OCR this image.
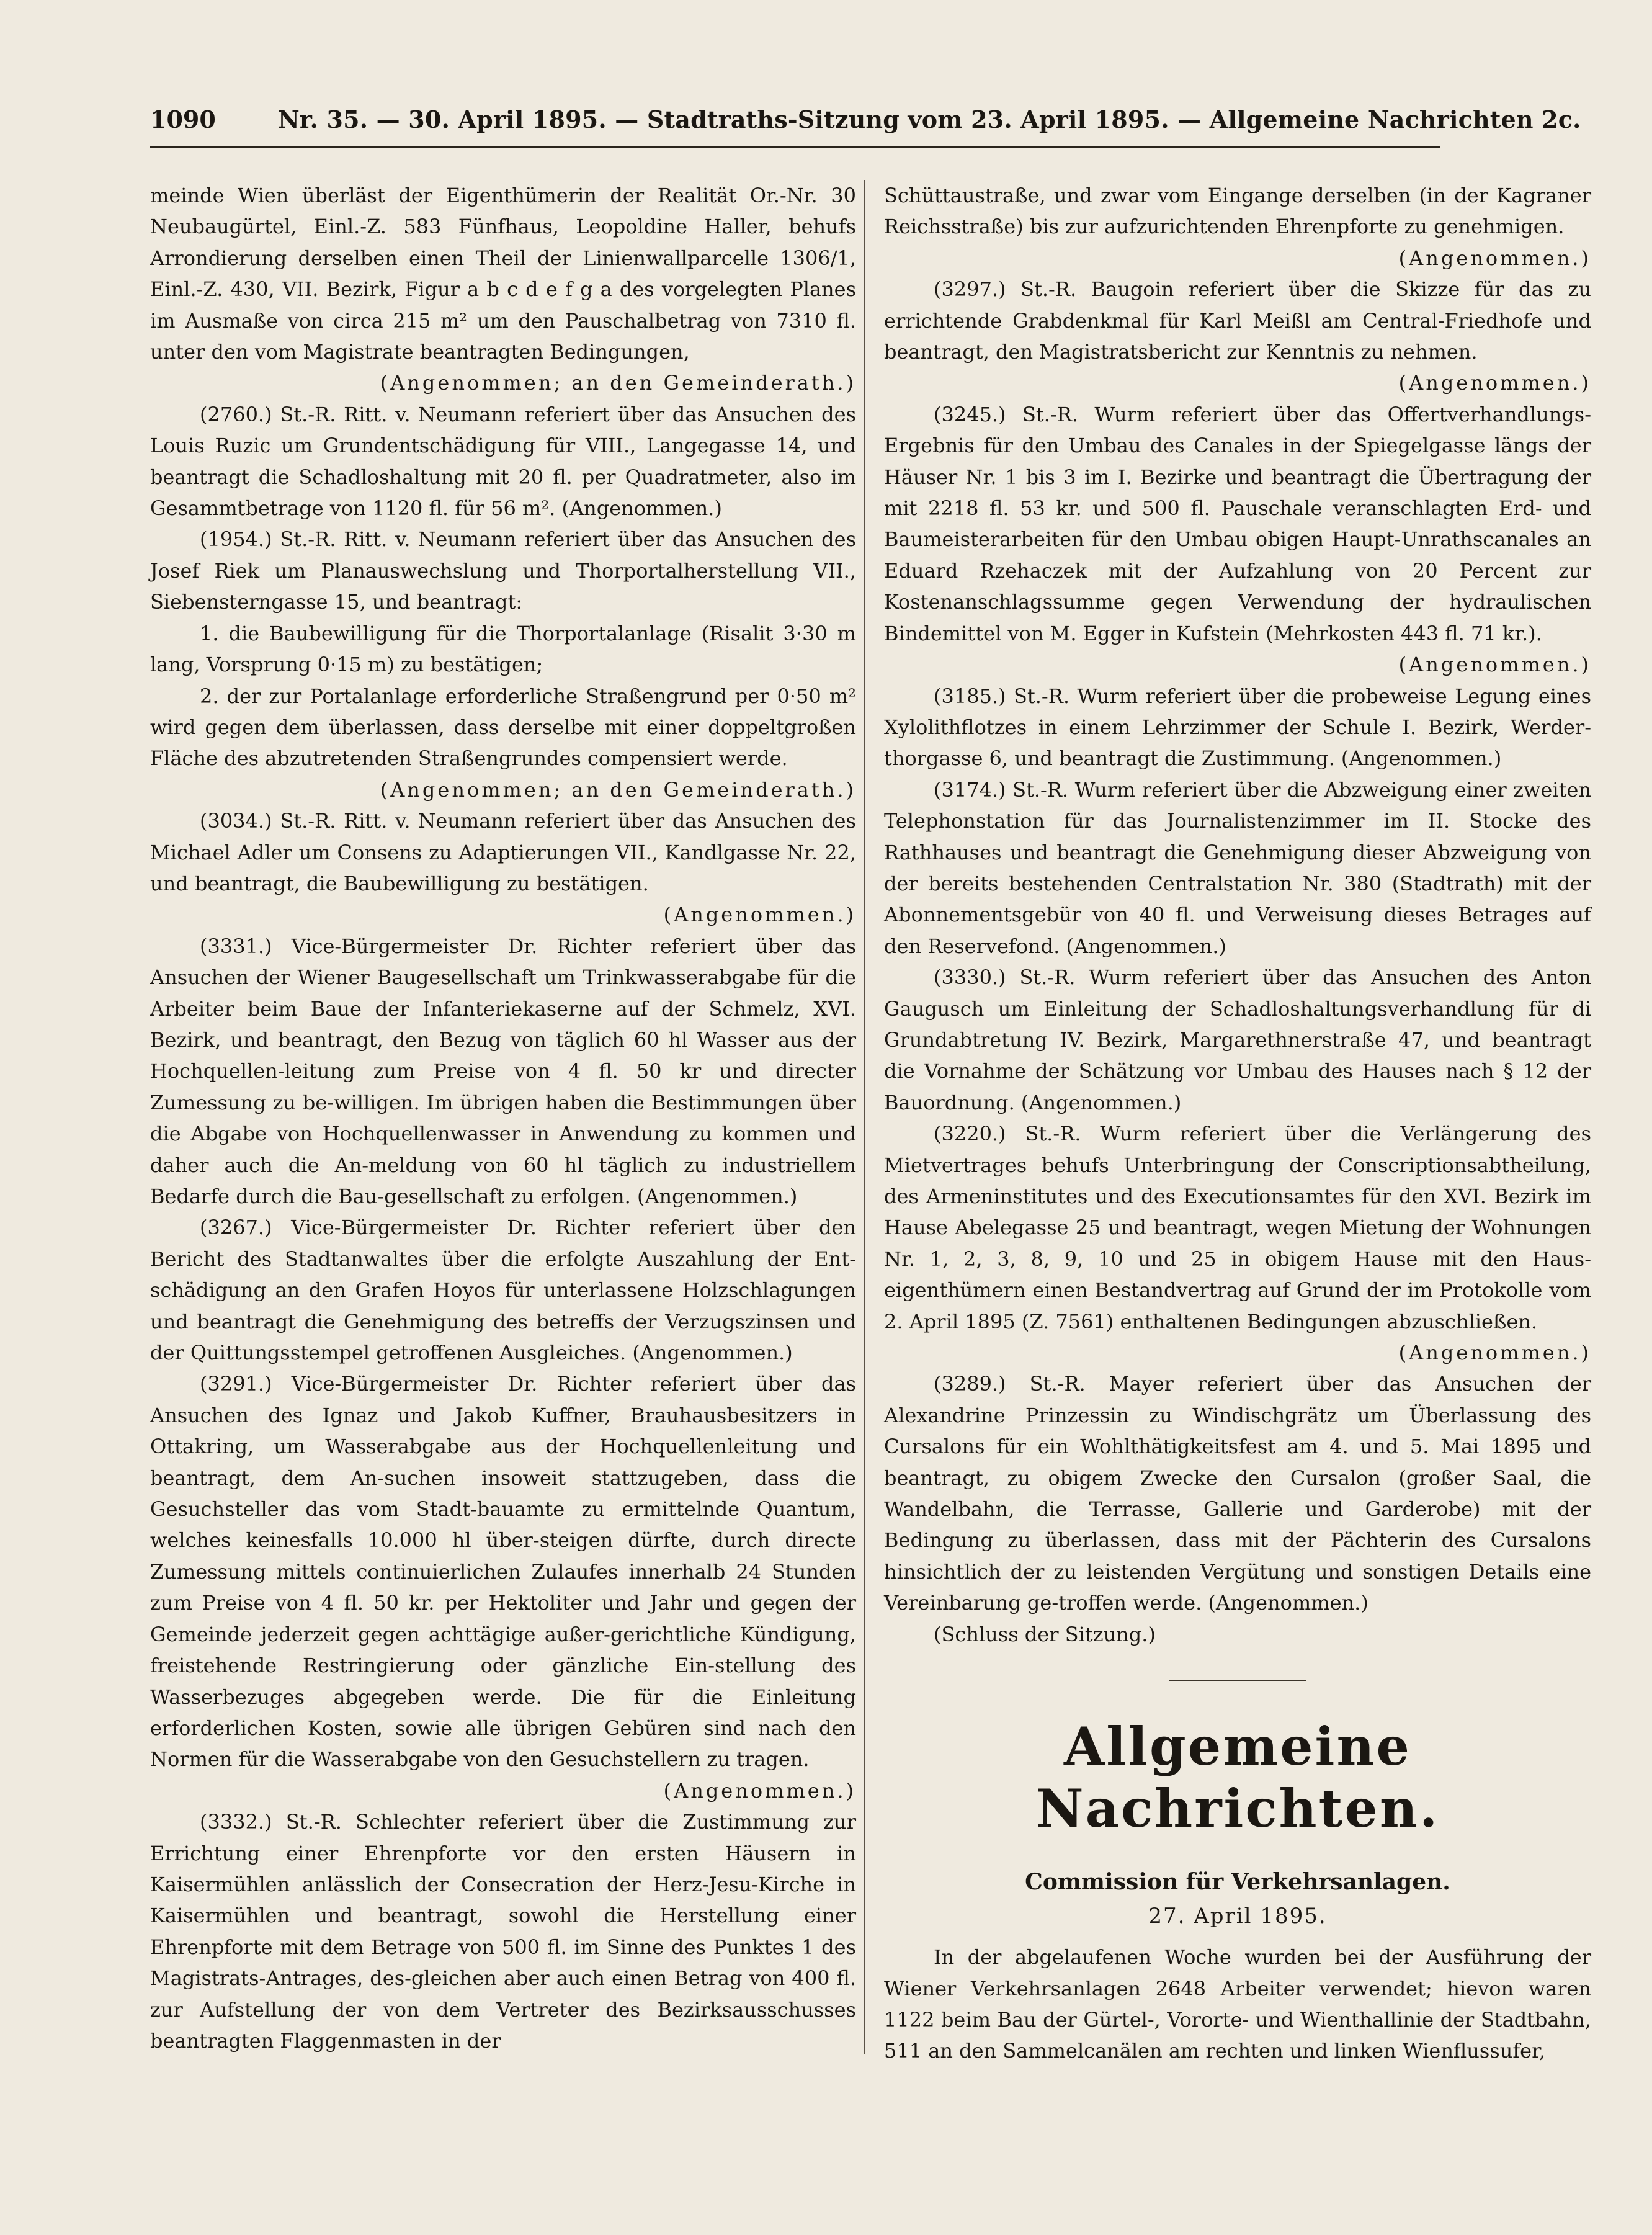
1090	Nr. 35. — 30. April 1895. — Stadtraths-Sitzung vom 23. April 1895. — Allgemeine Nachrichten 2c.

meinde Wien überläst der Eigenthümerin der Realität Or.-Nr. 30 Neubaugürtel, Einl.-Z. 583 Fünfhaus, Leopoldine Haller, behufs Arrondierung derselben einen Theil der Linienwallparcelle 1306/1, Einl.-Z. 430, VII. Bezirk, Figur a b c d e f g a des vorgelegten Planes im Ausmaße von circa 215 m² um den Pauschalbetrag von 7310 fl. unter den vom Magistrate beantragten Bedingungen,

(Angenommen; an den Gemeinderath.)

(2760.) St.-R. Ritt. v. Neumann referiert über das Ansuchen des Louis Ruzic um Grundentschädigung für VIII., Langegasse 14, und beantragt die Schadloshaltung mit 20 fl. per Quadratmeter, also im Gesammtbetrage von 1120 fl. für 56 m². (Angenommen.)

(1954.) St.-R. Ritt. v. Neumann referiert über das Ansuchen des Josef Riek um Planauswechslung und Thorportalherstellung VII., Siebensterngasse 15, und beantragt:

1. die Baubewilligung für die Thorportalanlage (Risalit 3·30 m lang, Vorsprung 0·15 m) zu bestätigen;

2. der zur Portalanlage erforderliche Straßengrund per 0·50 m² wird gegen dem überlassen, dass derselbe mit einer doppeltgroßen Fläche des abzutretenden Straßengrundes compensiert werde.

(Angenommen; an den Gemeinderath.)

(3034.) St.-R. Ritt. v. Neumann referiert über das Ansuchen des Michael Adler um Consens zu Adaptierungen VII., Kandlgasse Nr. 22, und beantragt, die Baubewilligung zu bestätigen.

(Angenommen.)

(3331.) Vice-Bürgermeister Dr. Richter referiert über das Ansuchen der Wiener Baugesellschaft um Trinkwasserabgabe für die Arbeiter beim Baue der Infanteriekaserne auf der Schmelz, XVI. Bezirk, und beantragt, den Bezug von täglich 60 hl Wasser aus der Hochquellen-leitung zum Preise von 4 fl. 50 kr und directer Zumessung zu be-willigen. Im übrigen haben die Bestimmungen über die Abgabe von Hochquellenwasser in Anwendung zu kommen und daher auch die An-meldung von 60 hl täglich zu industriellem Bedarfe durch die Bau-gesellschaft zu erfolgen. (Angenommen.)

(3267.) Vice-Bürgermeister Dr. Richter referiert über den Bericht des Stadtanwaltes über die erfolgte Auszahlung der Ent-schädigung an den Grafen Hoyos für unterlassene Holzschlagungen und beantragt die Genehmigung des betreffs der Verzugszinsen und der Quittungsstempel getroffenen Ausgleiches. (Angenommen.)

(3291.) Vice-Bürgermeister Dr. Richter referiert über das Ansuchen des Ignaz und Jakob Kuffner, Brauhausbesitzers in Ottakring, um Wasserabgabe aus der Hochquellenleitung und beantragt, dem An-suchen insoweit stattzugeben, dass die Gesuchsteller das vom Stadt-bauamte zu ermittelnde Quantum, welches keinesfalls 10.000 hl über-steigen dürfte, durch directe Zumessung mittels continuierlichen Zulaufes innerhalb 24 Stunden zum Preise von 4 fl. 50 kr. per Hektoliter und Jahr und gegen der Gemeinde jederzeit gegen achttägige außer-gerichtliche Kündigung, freistehende Restringierung oder gänzliche Ein-stellung des Wasserbezuges abgegeben werde. Die für die Einleitung erforderlichen Kosten, sowie alle übrigen Gebüren sind nach den Normen für die Wasserabgabe von den Gesuchstellern zu tragen.

(Angenommen.)

(3332.) St.-R. Schlechter referiert über die Zustimmung zur Errichtung einer Ehrenpforte vor den ersten Häusern in Kaisermühlen anlässlich der Consecration der Herz-Jesu-Kirche in Kaisermühlen und beantragt, sowohl die Herstellung einer Ehrenpforte mit dem Betrage von 500 fl. im Sinne des Punktes 1 des Magistrats-Antrages, des-gleichen aber auch einen Betrag von 400 fl. zur Aufstellung der von dem Vertreter des Bezirksausschusses beantragten Flaggenmasten in der

Schüttaustraße, und zwar vom Eingange derselben (in der Kagraner Reichsstraße) bis zur aufzurichtenden Ehrenpforte zu genehmigen.

(Angenommen.)

(3297.) St.-R. Baugoin referiert über die Skizze für das zu errichtende Grabdenkmal für Karl Meißl am Central-Friedhofe und beantragt, den Magistratsbericht zur Kenntnis zu nehmen.

(Angenommen.)

(3245.) St.-R. Wurm referiert über das Offertverhandlungs-Ergebnis für den Umbau des Canales in der Spiegelgasse längs der Häuser Nr. 1 bis 3 im I. Bezirke und beantragt die Übertragung der mit 2218 fl. 53 kr. und 500 fl. Pauschale veranschlagten Erd- und Baumeisterarbeiten für den Umbau obigen Haupt-Unrathscanales an Eduard Rzehaczek mit der Aufzahlung von 20 Percent zur Kostenanschlagssumme gegen Verwendung der hydraulischen Bindemittel von M. Egger in Kufstein (Mehrkosten 443 fl. 71 kr.).

(Angenommen.)

(3185.) St.-R. Wurm referiert über die probeweise Legung eines Xylolithflotzes in einem Lehrzimmer der Schule I. Bezirk, Werder-thorgasse 6, und beantragt die Zustimmung. (Angenommen.)

(3174.) St.-R. Wurm referiert über die Abzweigung einer zweiten Telephonstation für das Journalistenzimmer im II. Stocke des Rathhauses und beantragt die Genehmigung dieser Abzweigung von der bereits bestehenden Centralstation Nr. 380 (Stadtrath) mit der Abonnementsgebür von 40 fl. und Verweisung dieses Betrages auf den Reservefond. (Angenommen.)

(3330.) St.-R. Wurm referiert über das Ansuchen des Anton Gaugusch um Einleitung der Schadloshaltungsverhandlung für di Grundabtretung IV. Bezirk, Margarethnerstraße 47, und beantragt die Vornahme der Schätzung vor Umbau des Hauses nach § 12 der Bauordnung. (Angenommen.)

(3220.) St.-R. Wurm referiert über die Verlängerung des Mietvertrages behufs Unterbringung der Conscriptionsabtheilung, des Armeninstitutes und des Executionsamtes für den XVI. Bezirk im Hause Abelegasse 25 und beantragt, wegen Mietung der Wohnungen Nr. 1, 2, 3, 8, 9, 10 und 25 in obigem Hause mit den Haus-eigenthümern einen Bestandvertrag auf Grund der im Protokolle vom 2. April 1895 (Z. 7561) enthaltenen Bedingungen abzuschließen.

(Angenommen.)

(3289.) St.-R. Mayer referiert über das Ansuchen der Alexandrine Prinzessin zu Windischgrätz um Überlassung des Cursalons für ein Wohlthätigkeitsfest am 4. und 5. Mai 1895 und beantragt, zu obigem Zwecke den Cursalon (großer Saal, die Wandelbahn, die Terrasse, Gallerie und Garderobe) mit der Bedingung zu überlassen, dass mit der Pächterin des Cursalons hinsichtlich der zu leistenden Vergütung und sonstigen Details eine Vereinbarung ge-troffen werde. (Angenommen.)

(Schluss der Sitzung.)

Allgemeine Nachrichten.

Commission für Verkehrsanlagen.

27. April 1895.

In der abgelaufenen Woche wurden bei der Ausführung der Wiener Verkehrsanlagen 2648 Arbeiter verwendet; hievon waren 1122 beim Bau der Gürtel-, Vororte- und Wienthallinie der Stadtbahn, 511 an den Sammelcanälen am rechten und linken Wienflussufer,
